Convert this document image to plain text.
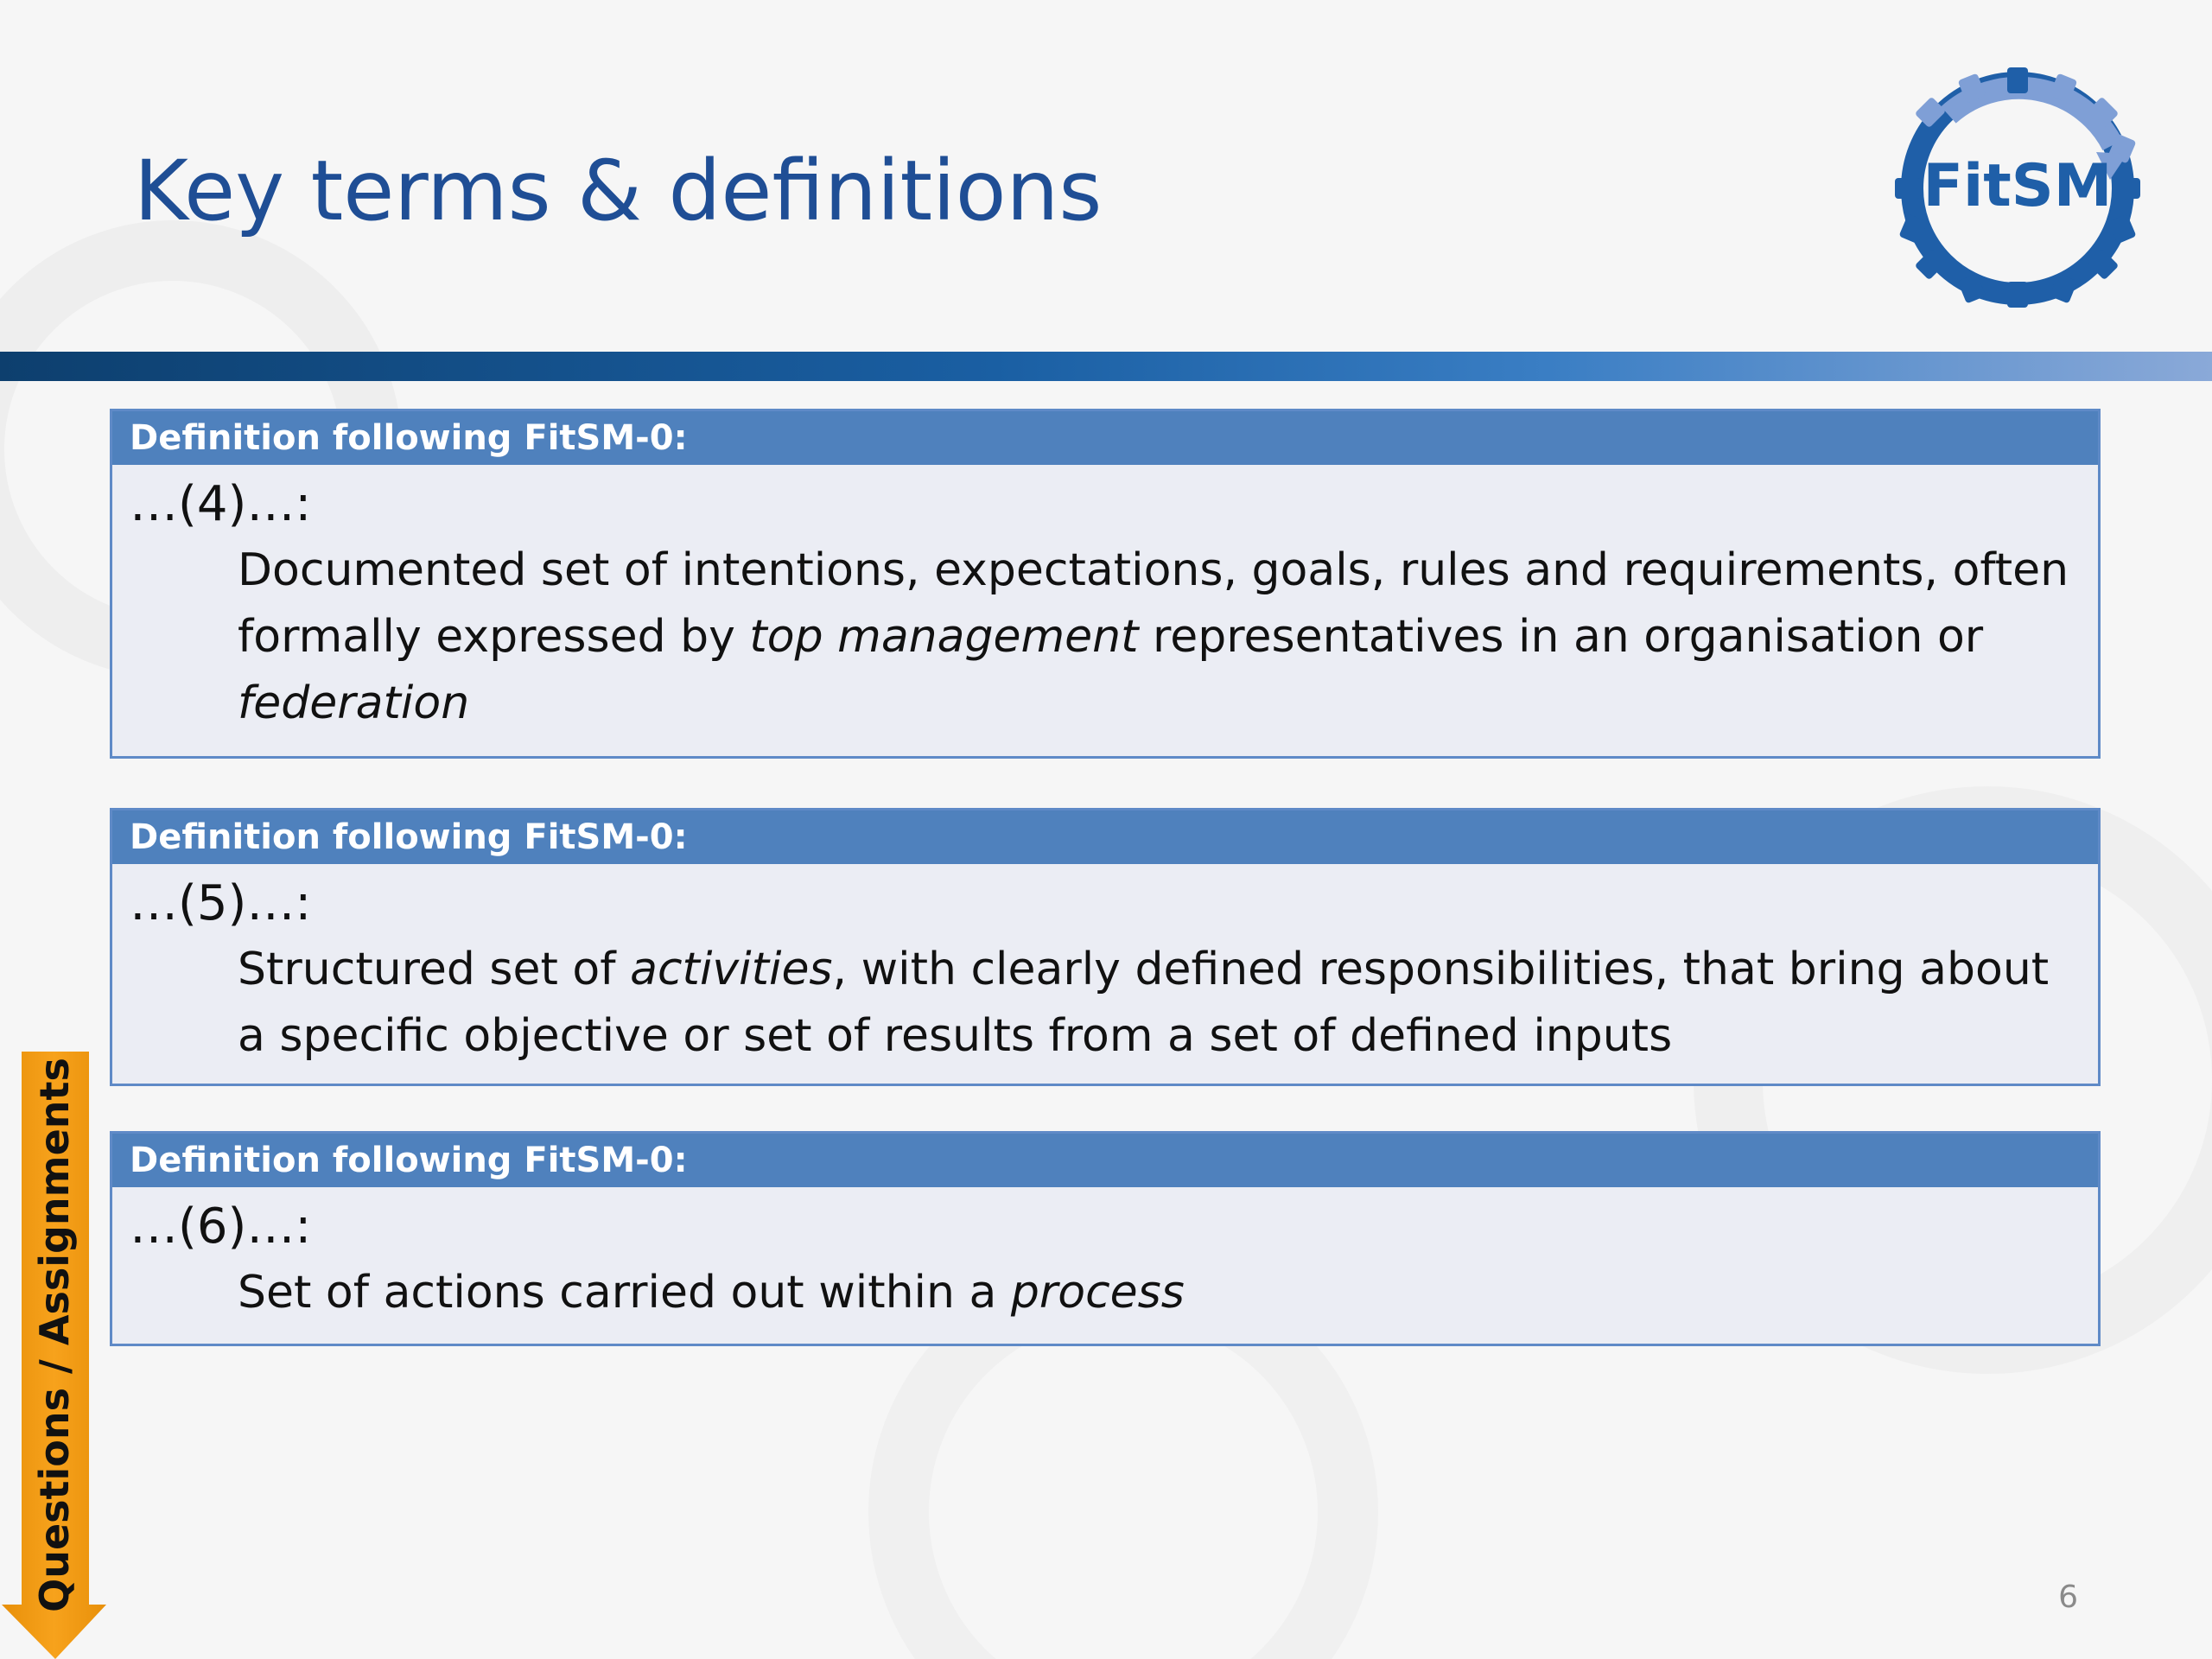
Key terms & definitions	FitSM
Definition following FitSM-0:
…(4)…:
Documented set of intentions, expectations, goals, rules and requirements, often formally expressed by top management representatives in an organisation or federation
Definition following FitSM-0:
…(5)…:
Structured set of activities, with clearly defined responsibilities, that bring about a specific objective or set of results from a set of defined inputs
Definition following FitSM-0:
…(6)…:
Set of actions carried out within a process
Questions / Assignments	6
